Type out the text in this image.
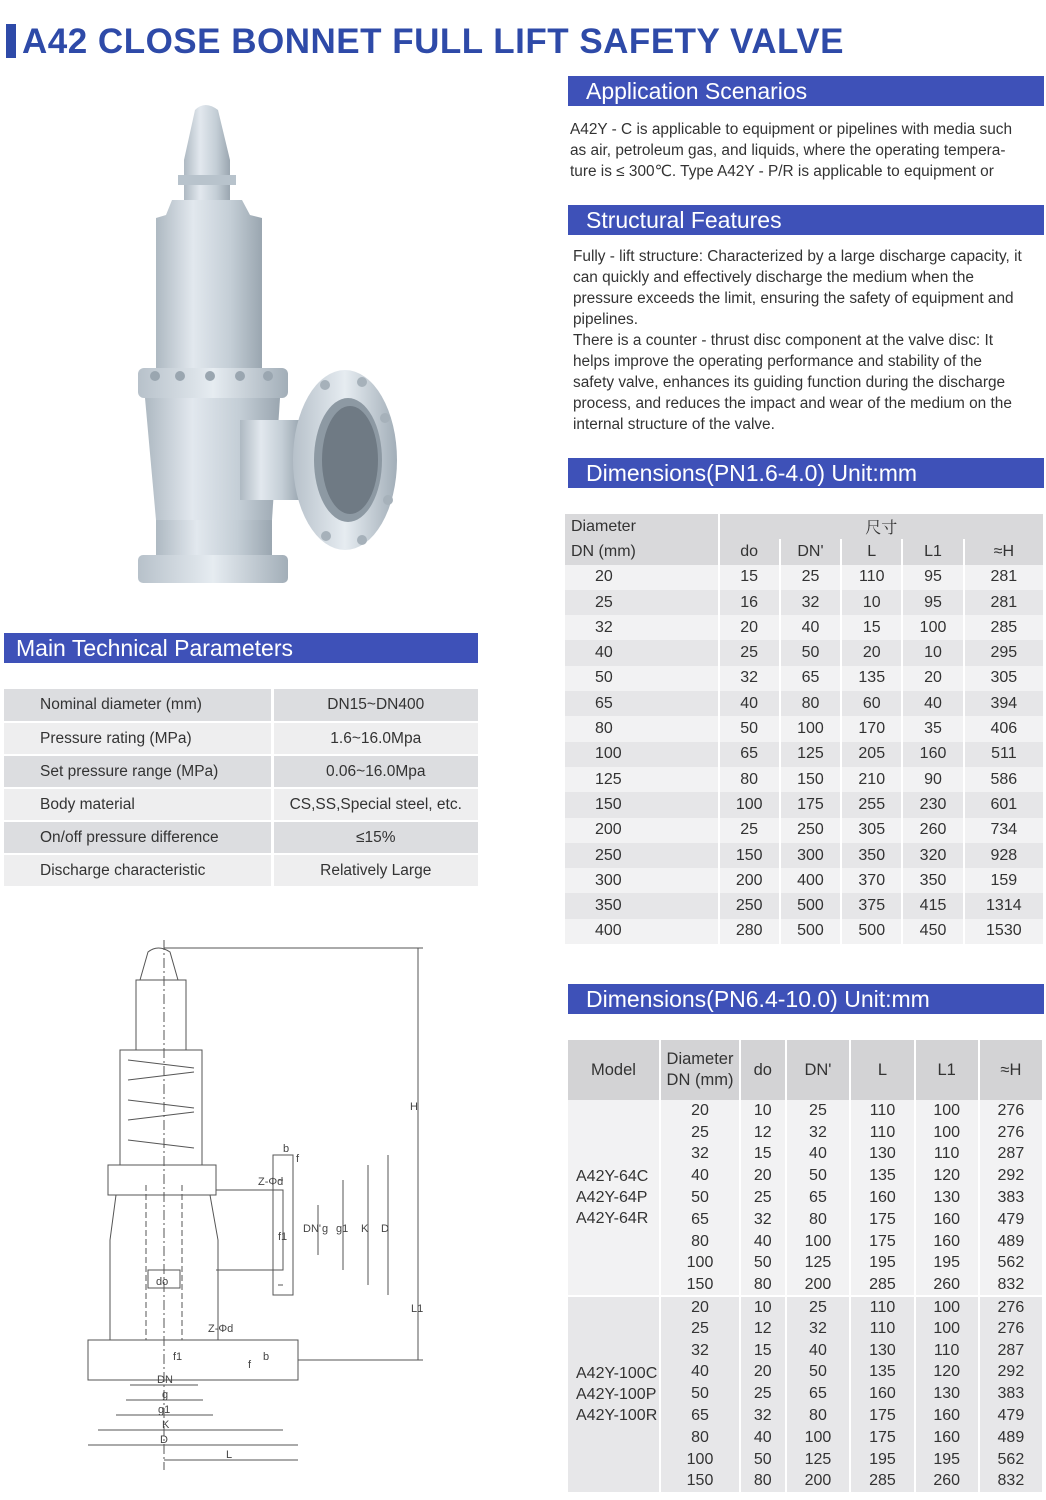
A42 CLOSE BONNET FULL LIFT SAFETY VALVE
Application Scenarios

A42Y - C is applicable to equipment or pipelines with media such

as air, petroleum gas, and liquids, where the operating tempera-

ture is ≤ 300℃. Type A42Y - P/R is applicable to equipment or

Structural Features

Fully - lift structure: Characterized by a large discharge capacity, it

can quickly and effectively discharge the medium when the

pressure exceeds the limit, ensuring the safety of equipment and

pipelines.

There is a counter - thrust disc component at the valve disc: It

helps improve the operating performance and stability of the

safety valve, enhances its guiding function during the discharge

process, and reduces the impact and wear of the medium on the

internal structure of the valve.

Main Technical Parameters
Nominal diameter (mm)	DN15~DN400
Pressure rating (MPa)	1.6~16.0Mpa
Set pressure range (MPa)	0.06~16.0Mpa
Body material	CS,SS,Special steel, etc.
On/off pressure difference	≤15%
Discharge characteristic	Relatively Large
Dimensions(PN1.6-4.0) Unit:mm
Diameter	尺寸				
DN (mm)	do	DN'	L	L1	≈H
20	15	25	110	95	281
25	16	32	10	95	281
32	20	40	15	100	285
40	25	50	20	10	295
50	32	65	135	20	305
65	40	80	60	40	394
80	50	100	170	35	406
100	65	125	205	160	511
125	80	150	210	90	586
150	100	175	255	230	601
200	25	250	305	260	734
250	150	300	350	320	928
300	200	400	370	350	159
350	250	500	375	415	1314
400	280	500	500	450	1530
Dimensions(PN6.4-10.0) Unit:mm
Model	Diameter
DN (mm)	do	DN'	L	L1	≈H

A42Y-64C
A42Y-64P
A42Y-64R	20	10	25	110	100	276
	25	12	32	110	100	276
	32	15	40	130	110	287
	40	20	50	135	120	292
	50	25	65	160	130	383
	65	32	80	175	160	479
	80	40	100	175	160	489
	100	50	125	195	195	562
	150	80	200	285	260	832

A42Y-100C
A42Y-100P
A42Y-100R	20	10	25	110	100	276
	25	12	32	110	100	276
	32	15	40	130	110	287
	40	20	50	135	120	292
	50	25	65	160	130	383
	65	32	80	175	160	479
	80	40	100	175	160	489
	100	50	125	195	195	562
	150	80	200	285	260	832
H
L1
L
D
K
g1
g
DN
D
K
g1
g
DN'
f1
do
Z-Φd
Z-Φd
b
f
b
f
f1
